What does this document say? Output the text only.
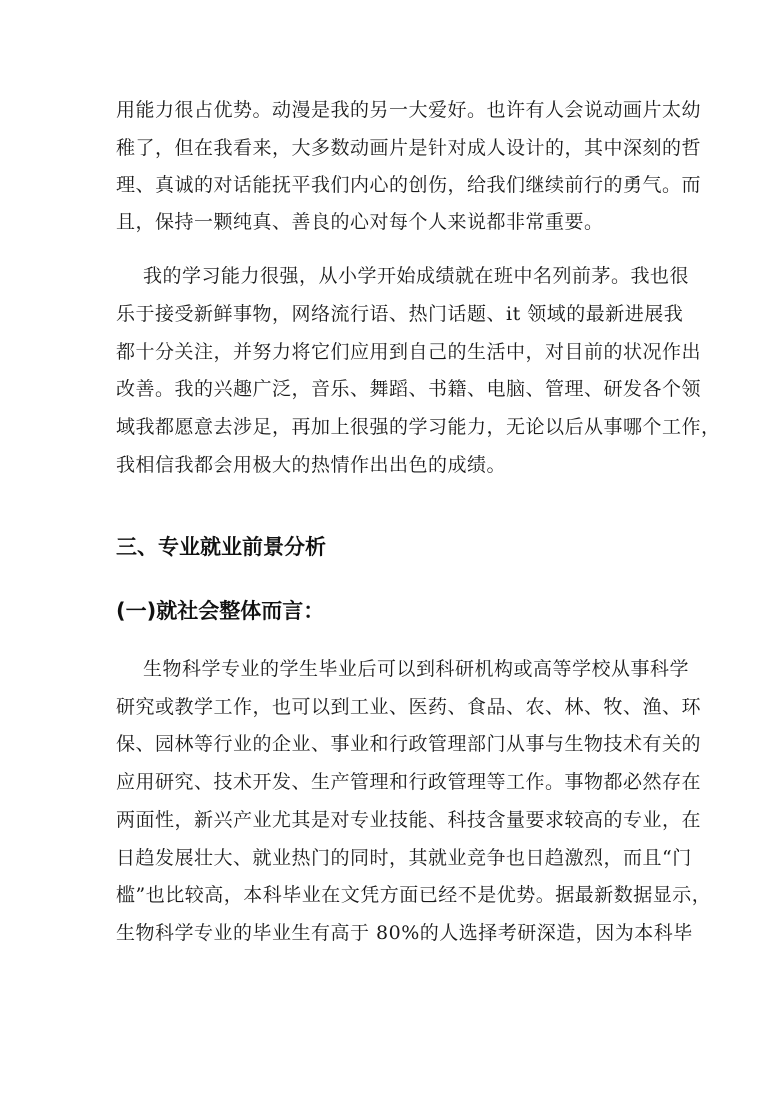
用能力很占优势。动漫是我的另一大爱好。也许有人会说动画片太幼
稚了，但在我看来，大多数动画片是针对成人设计的，其中深刻的哲
理、真诚的对话能抚平我们内心的创伤，给我们继续前行的勇气。而
且，保持一颗纯真、善良的心对每个人来说都非常重要。
我的学习能力很强，从小学开始成绩就在班中名列前茅。我也很
乐于接受新鲜事物，网络流行语、热门话题、it 领域的最新进展我
都十分关注，并努力将它们应用到自己的生活中，对目前的状况作出
改善。我的兴趣广泛，音乐、舞蹈、书籍、电脑、管理、研发各个领
域我都愿意去涉足，再加上很强的学习能力，无论以后从事哪个工作，
我相信我都会用极大的热情作出出色的成绩。
三、专业就业前景分析
(一)就社会整体而言：
生物科学专业的学生毕业后可以到科研机构或高等学校从事科学
研究或教学工作，也可以到工业、医药、食品、农、林、牧、渔、环
保、园林等行业的企业、事业和行政管理部门从事与生物技术有关的
应用研究、技术开发、生产管理和行政管理等工作。事物都必然存在
两面性，新兴产业尤其是对专业技能、科技含量要求较高的专业，在
日趋发展壮大、就业热门的同时，其就业竞争也日趋激烈，而且“门
槛”也比较高，本科毕业在文凭方面已经不是优势。据最新数据显示，
生物科学专业的毕业生有高于 80%的人选择考研深造，因为本科毕
